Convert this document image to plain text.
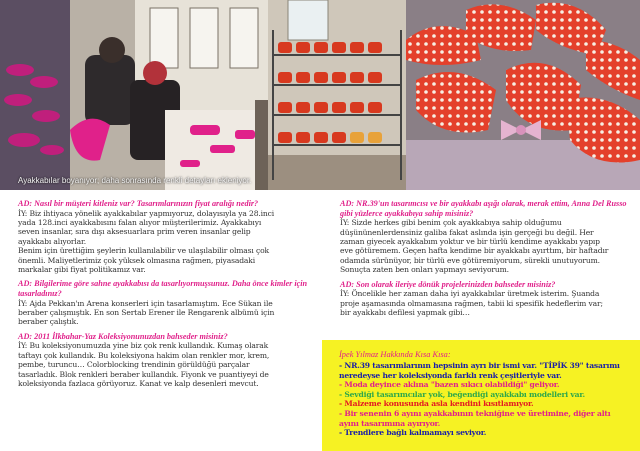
Ayakkabılar boyanıyor; daha sonrasında renkli detayları ekleniyor.
AD: Nasıl bir müşteri kitleniz var? Tasarımlarınızın fiyat aralığı nedir?
İY: Biz ihtiyaca yönelik ayakkabılar yapmıyoruz, dolayısıyla ya 28.inci
yada 128.inci ayakkabısını falan alıyor müşterilerimiz. Ayakkabıyı
seven insanlar, sıra dışı aksesuarlara prim veren insanlar gelip
ayakkabı alıyorlar.
Benim için ürettiğim şeylerin kullanılabilir ve ulaşılabilir olması çok
önemli. Maliyetlerimiz çok yüksek olmasına rağmen, piyasadaki
markalar gibi fiyat politikamız var.
AD: Bilgilerime göre sahne ayakkabısı da tasarlıyormuşsunuz. Daha önce kimler için tasarladınız?
İY: Ajda Pekkan'ın Arena konserleri için tasarlamıştım. Ece Sükan ile
beraber çalışmıştık. En son Sertab Erener ile Rengarenk albümü için
beraber çalıştık.
AD: 2011 İlkbahar-Yaz Koleksiyonunuzdan bahseder misiniz?
İY: Bu koleksiyonumuzda yine biz çok renk kullandık. Kumaş olarak
taftayı çok kullandık. Bu koleksiyona hakim olan renkler mor, krem,
pembe, turuncu… Colorblocking trendinin görüldüğü parçalar
tasarladık. Blok renkleri beraber kullandık. Fiyonk ve puantiyeyi de
koleksiyonda fazlaca görüyoruz. Kanat ve kalp desenleri mevcut.
AD: NR.39'un tasarımcısı ve bir ayakkabı aşığı olarak, merak ettim, Anna Del Russo gibi yüzlerce ayakkabıya sahip misiniz?
İY: Sizde herkes gibi benim çok ayakkabıya sahip olduğumu
düşününenlerdensiniz galiba fakat aslında işin gerçeği bu değil. Her
zaman giyecek ayakkabım yoktur ve bir türlü kendime ayakkabı yapıp
eve götüremem. Geçen hafta kendime bir ayakkabı ayırttım, bir haftadır
odamda sürünüyor, bir türlü eve götüremiyorum, sürekli unutuyorum.
Sonuçta zaten ben onları yapmayı seviyorum.
AD: Son olarak ileriye dönük projelerinizden bahseder misiniz?
İY: Öncelikle her zaman daha iyi ayakkabılar üretmek isterim. Şuanda
proje aşamasında olmamasına rağmen, tabii ki spesifik hedeflerim var;
bir ayakkabı defilesi yapmak gibi…
İpek Yılmaz Hakkında Kısa Kısa:
- NR.39 tasarımlarının hepsinin ayrı bir ismi var. "TİPİK 39" tasarımı
neredeyse her koleksiyonda farklı renk çeşitleriyle var.
- Moda deyince aklına "bazen sıkıcı olabildiği" geliyor.
- Sevdiği tasarımcılar yok, beğendiği ayakkabı modelleri var.
- Malzeme konusunda asla kendini kısıtlamıyor.
- Bir senenin 6 ayını ayakkabının tekniğine ve üretimine, diğer altı
ayını tasarımına ayırıyor.
- Trendlere bağlı kalmamayı seviyor.
